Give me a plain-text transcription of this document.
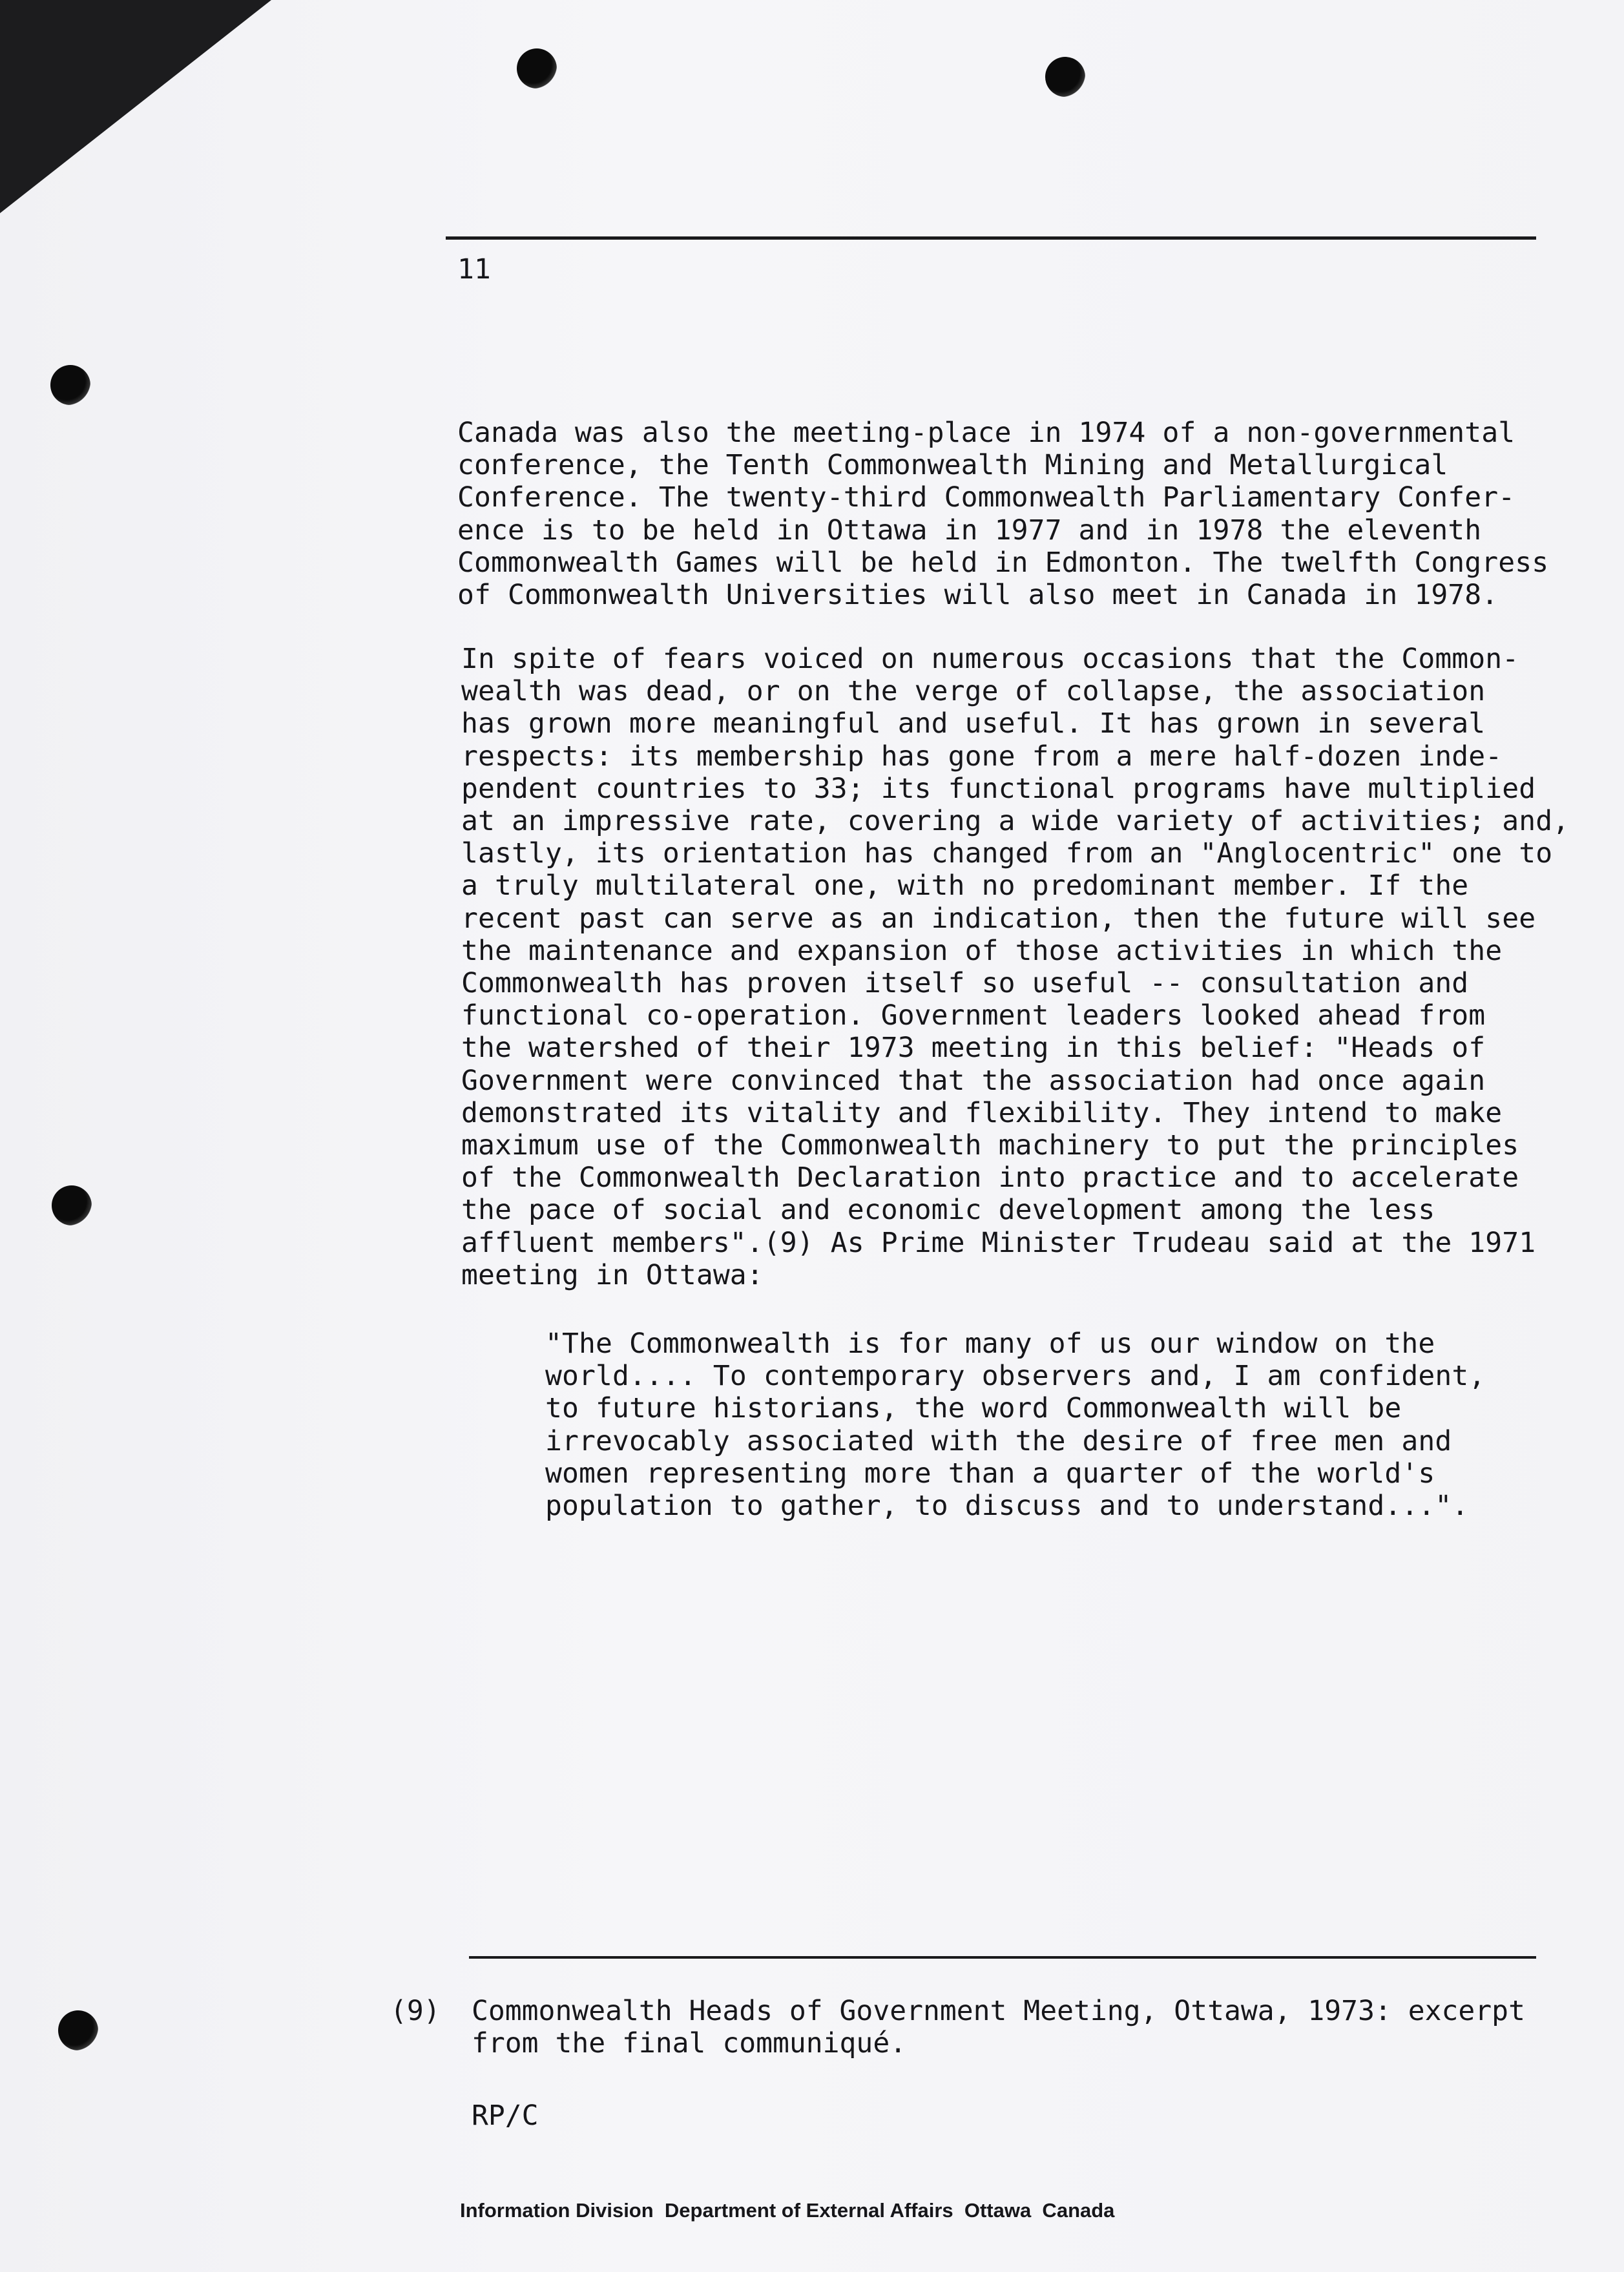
11

Canada was also the meeting-place in 1974 of a non-governmental
conference, the Tenth Commonwealth Mining and Metallurgical
Conference. The twenty-third Commonwealth Parliamentary Confer-
ence is to be held in Ottawa in 1977 and in 1978 the eleventh
Commonwealth Games will be held in Edmonton. The twelfth Congress
of Commonwealth Universities will also meet in Canada in 1978.

In spite of fears voiced on numerous occasions that the Common-
wealth was dead, or on the verge of collapse, the association
has grown more meaningful and useful. It has grown in several
respects: its membership has gone from a mere half-dozen inde-
pendent countries to 33; its functional programs have multiplied
at an impressive rate, covering a wide variety of activities; and,
lastly, its orientation has changed from an "Anglocentric" one to
a truly multilateral one, with no predominant member. If the
recent past can serve as an indication, then the future will see
the maintenance and expansion of those activities in which the
Commonwealth has proven itself so useful -- consultation and
functional co-operation. Government leaders looked ahead from
the watershed of their 1973 meeting in this belief: "Heads of
Government were convinced that the association had once again
demonstrated its vitality and flexibility. They intend to make
maximum use of the Commonwealth machinery to put the principles
of the Commonwealth Declaration into practice and to accelerate
the pace of social and economic development among the less
affluent members".(9) As Prime Minister Trudeau said at the 1971
meeting in Ottawa:

"The Commonwealth is for many of us our window on the
world.... To contemporary observers and, I am confident,
to future historians, the word Commonwealth will be
irrevocably associated with the desire of free men and
women representing more than a quarter of the world's
population to gather, to discuss and to understand...".

(9) Commonwealth Heads of Government Meeting, Ottawa, 1973: excerpt
from the final communiqué.

RP/C
Information Division  Department of External Affairs  Ottawa  Canada
